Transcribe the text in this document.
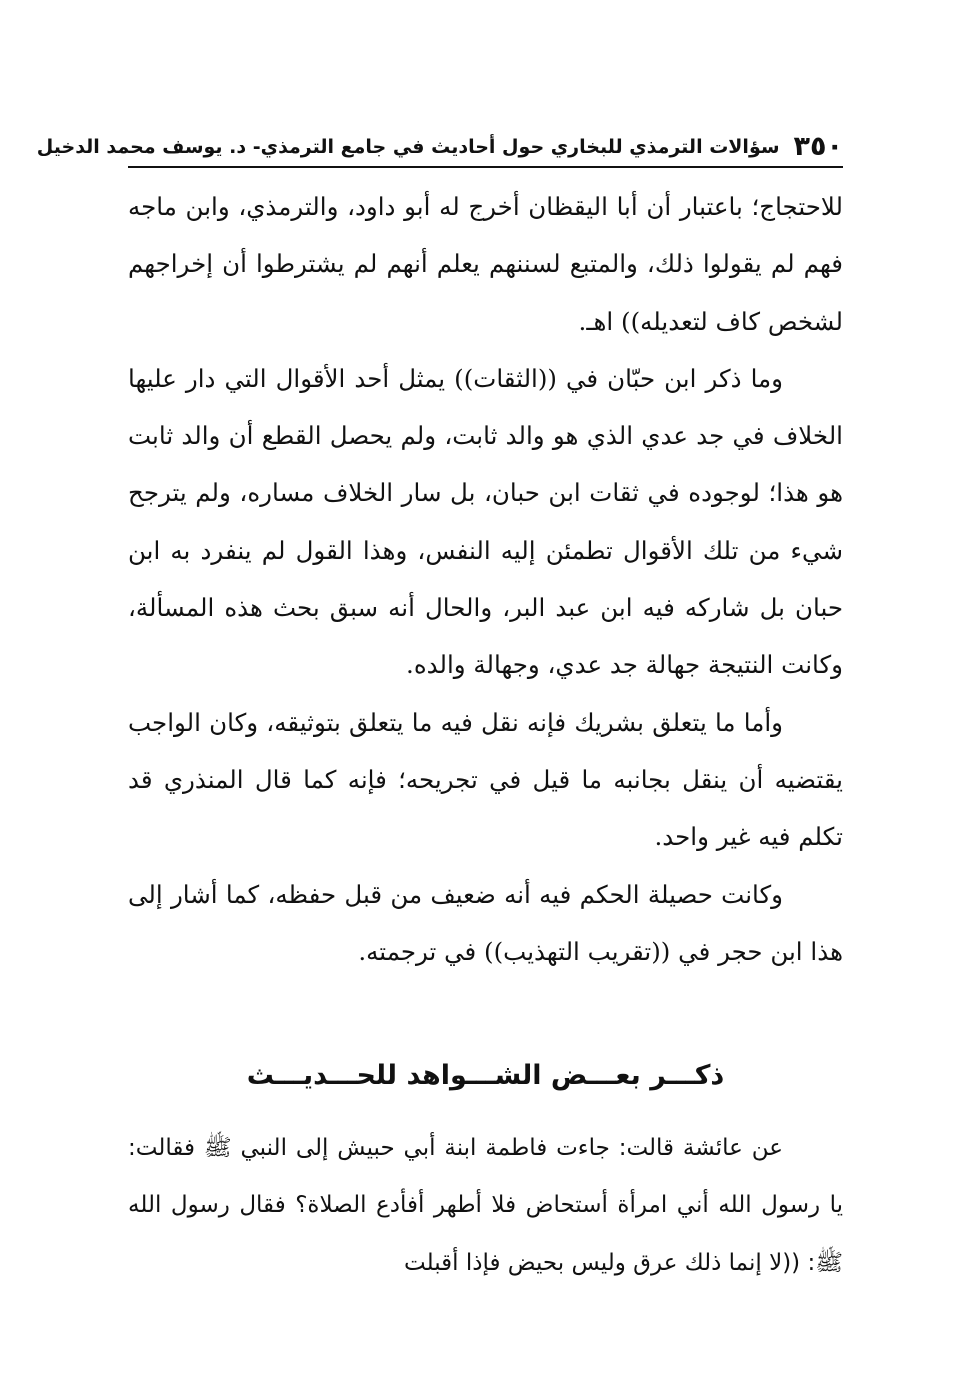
٣٥٠
سؤالات الترمذي للبخاري حول أحاديث في جامع الترمذي- د. يوسف محمد الدخيل

للاحتجاج؛ باعتبار أن أبا اليقظان أخرج له أبو داود، والترمذي، وابن ماجه فهم لم يقولوا ذلك، والمتبع لسننهم يعلم أنهم لم يشترطوا أن إخراجهم لشخص كاف لتعديله)) اهـ.

وما ذكر ابن حبّان في ((الثقات)) يمثل أحد الأقوال التي دار عليها الخلاف في جد عدي الذي هو والد ثابت، ولم يحصل القطع أن والد ثابت هو هذا؛ لوجوده في ثقات ابن حبان، بل سار الخلاف مساره، ولم يترجح شيء من تلك الأقوال تطمئن إليه النفس، وهذا القول لم ينفرد به ابن حبان بل شاركه فيه ابن عبد البر، والحال أنه سبق بحث هذه المسألة، وكانت النتيجة جهالة جد عدي، وجهالة والده.

وأما ما يتعلق بشريك فإنه نقل فيه ما يتعلق بتوثيقه، وكان الواجب يقتضيه أن ينقل بجانبه ما قيل في تجريحه؛ فإنه كما قال المنذري قد تكلم فيه غير واحد.

وكانت حصيلة الحكم فيه أنه ضعيف من قبل حفظه، كما أشار إلى هذا ابن حجر في ((تقريب التهذيب)) في ترجمته.

ذكـــر بعـــض الشـــواهد للحـــديـــث

عن عائشة قالت: جاءت فاطمة ابنة أبي حبيش إلى النبي ﷺ فقالت: يا رسول الله أني امرأة أستحاض فلا أطهر أفأدع الصلاة؟ فقال رسول الله ﷺ: ((لا إنما ذلك عرق وليس بحيض فإذا أقبلت
